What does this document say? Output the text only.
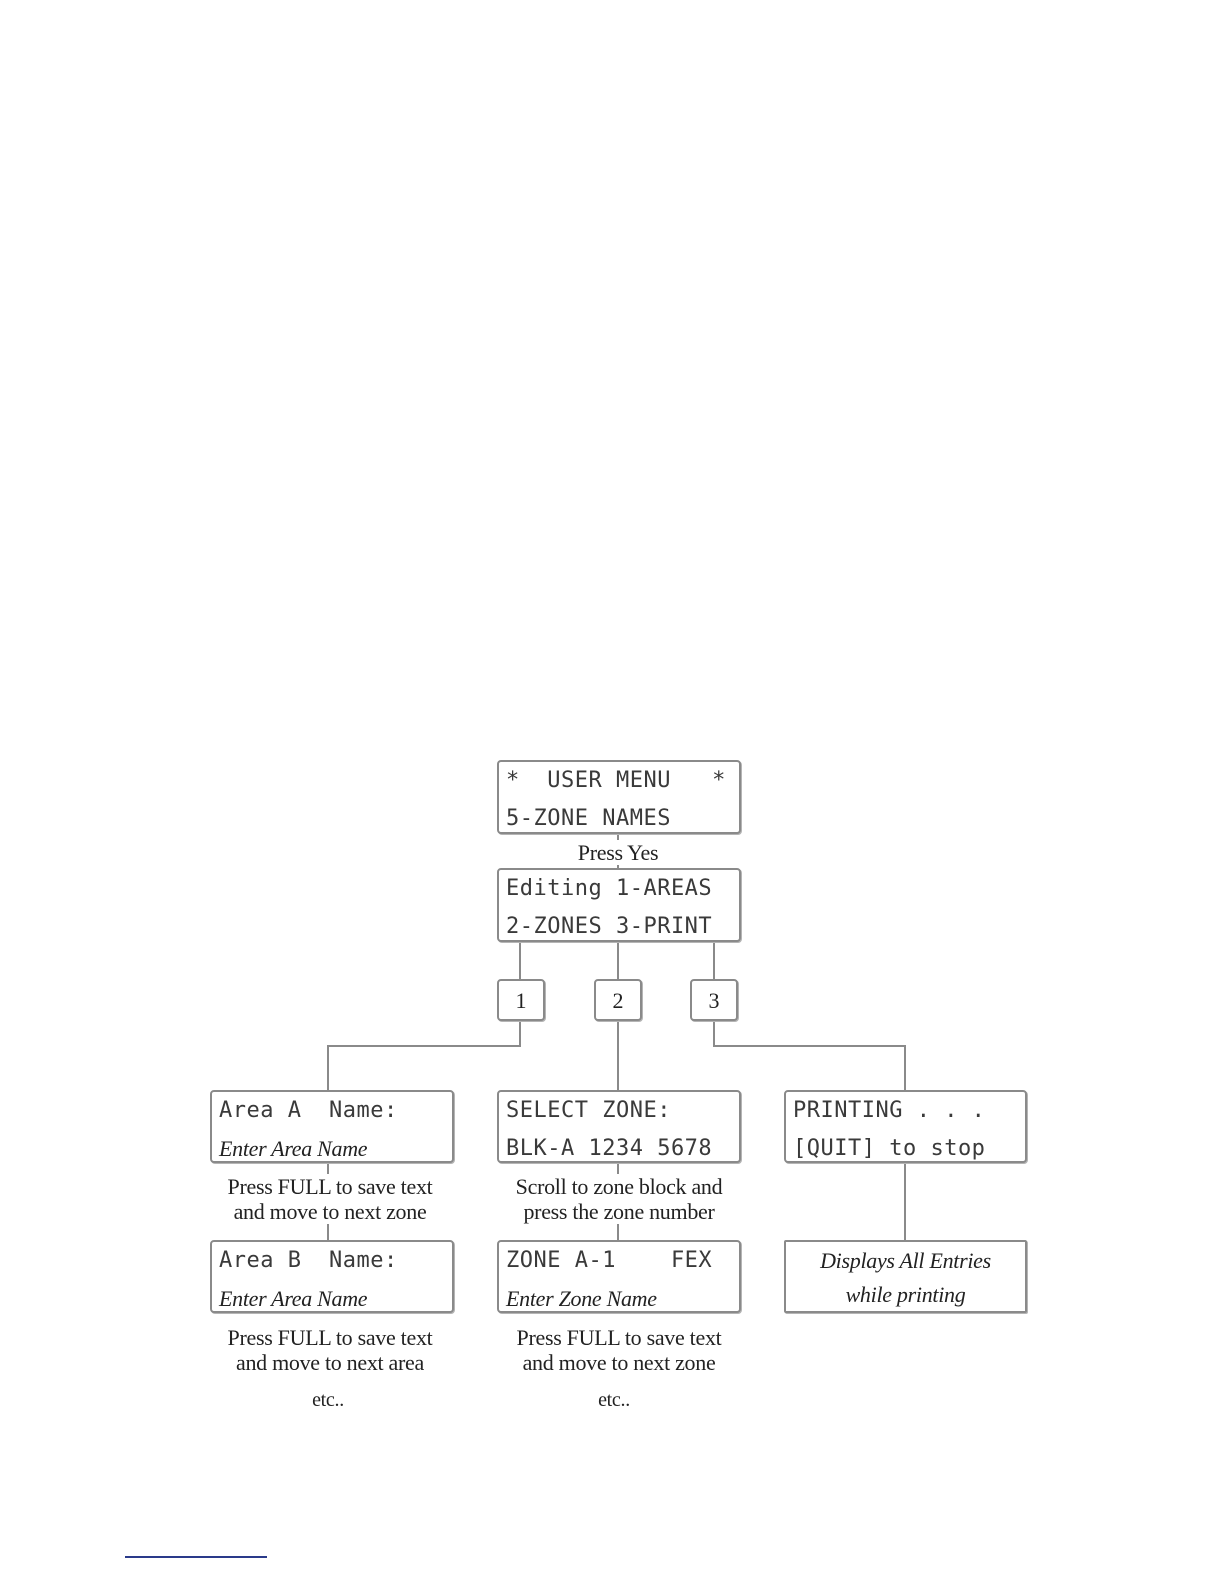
*  USER MENU   *
5-ZONE NAMES
Press Yes
Editing 1-AREAS
2-ZONES 3-PRINT
1	2	3
Area A  Name:
Enter Area Name
Press FULL to save text
and move to next zone
Area B  Name:
Enter Area Name
Press FULL to save text
and move to next area
etc..
SELECT ZONE:
BLK-A 1234 5678
Scroll to zone block and
press the zone number
ZONE A-1    FEX
Enter Zone Name
Press FULL to save text
and move to next zone
etc..
PRINTING . . .
[QUIT] to stop
Displays All Entries
while printing
